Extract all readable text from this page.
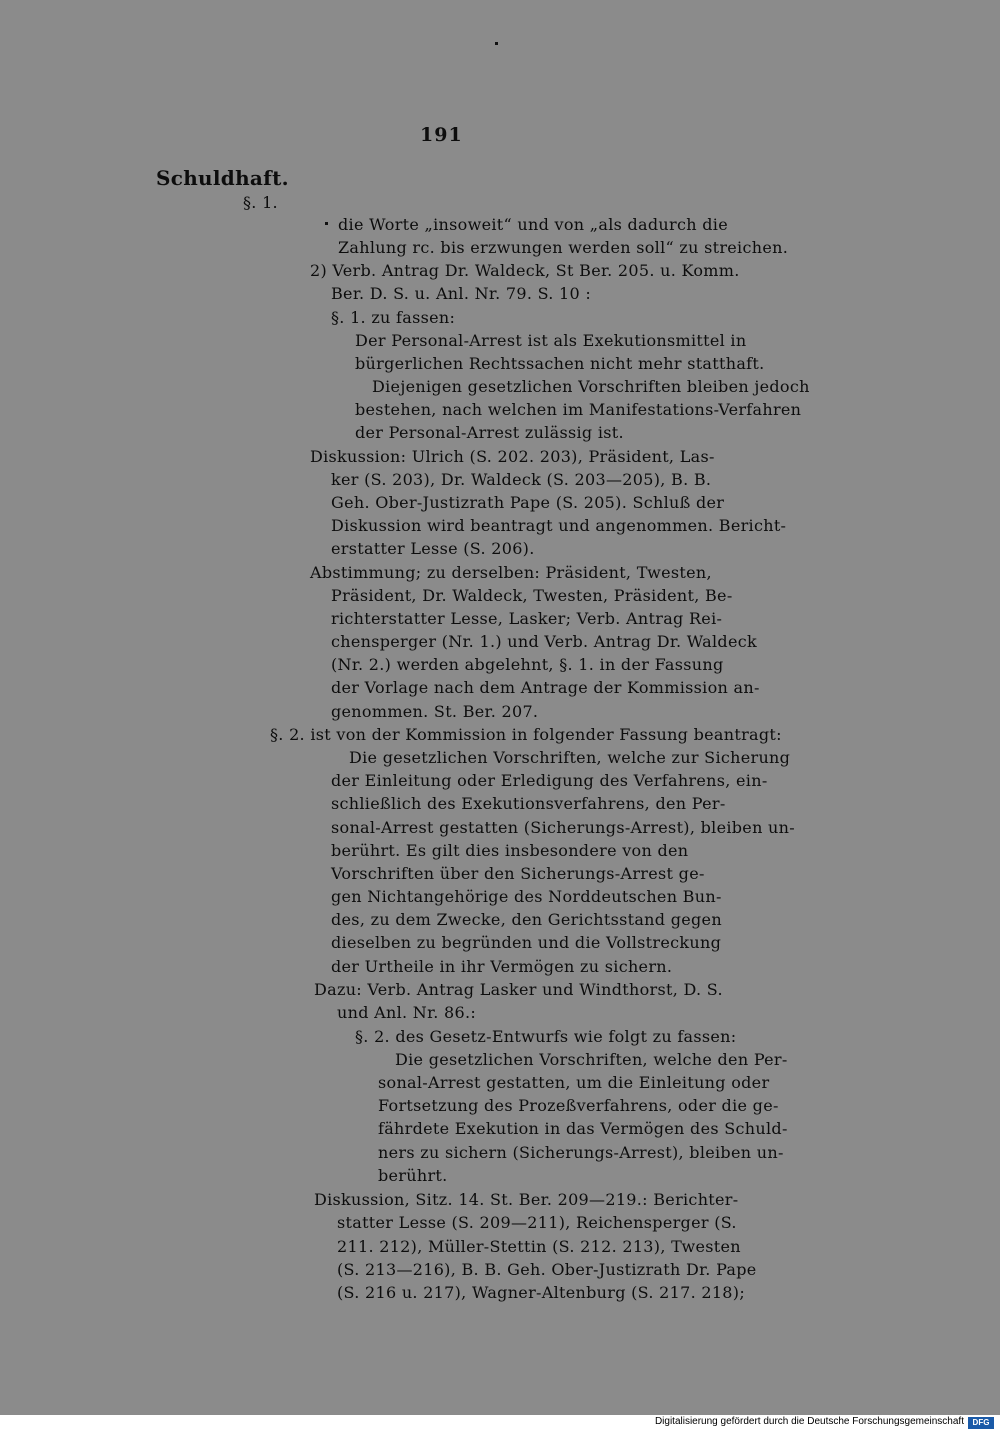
191
Schuldhaft.
§. 1.
die Worte „insoweit“ und von „als dadurch die
Zahlung rc. bis erzwungen werden soll“ zu streichen.
2) Verb. Antrag Dr. Waldeck, St Ber. 205. u. Komm.
Ber. D. S. u. Anl. Nr. 79. S. 10 :
§. 1. zu fassen:
Der Personal-Arrest ist als Exekutionsmittel in
bürgerlichen Rechtssachen nicht mehr statthaft.
Diejenigen gesetzlichen Vorschriften bleiben jedoch
bestehen, nach welchen im Manifestations-Verfahren
der Personal-Arrest zulässig ist.
Diskussion: Ulrich (S. 202. 203), Präsident, Las-
ker (S. 203), Dr. Waldeck (S. 203—205), B. B.
Geh. Ober-Justizrath Pape (S. 205). Schluß der
Diskussion wird beantragt und angenommen. Bericht-
erstatter Lesse (S. 206).
Abstimmung; zu derselben: Präsident, Twesten,
Präsident, Dr. Waldeck, Twesten, Präsident, Be-
richterstatter Lesse, Lasker; Verb. Antrag Rei-
chensperger (Nr. 1.) und Verb. Antrag Dr. Waldeck
(Nr. 2.) werden abgelehnt, §. 1. in der Fassung
der Vorlage nach dem Antrage der Kommission an-
genommen. St. Ber. 207.
§. 2. ist von der Kommission in folgender Fassung beantragt:
Die gesetzlichen Vorschriften, welche zur Sicherung
der Einleitung oder Erledigung des Verfahrens, ein-
schließlich des Exekutionsverfahrens, den Per-
sonal-Arrest gestatten (Sicherungs-Arrest), bleiben un-
berührt. Es gilt dies insbesondere von den
Vorschriften über den Sicherungs-Arrest ge-
gen Nichtangehörige des Norddeutschen Bun-
des, zu dem Zwecke, den Gerichtsstand gegen
dieselben zu begründen und die Vollstreckung
der Urtheile in ihr Vermögen zu sichern.
Dazu: Verb. Antrag Lasker und Windthorst, D. S.
und Anl. Nr. 86.:
§. 2. des Gesetz-Entwurfs wie folgt zu fassen:
Die gesetzlichen Vorschriften, welche den Per-
sonal-Arrest gestatten, um die Einleitung oder
Fortsetzung des Prozeßverfahrens, oder die ge-
fährdete Exekution in das Vermögen des Schuld-
ners zu sichern (Sicherungs-Arrest), bleiben un-
berührt.
Diskussion, Sitz. 14. St. Ber. 209—219.: Berichter-
statter Lesse (S. 209—211), Reichensperger (S.
211. 212), Müller-Stettin (S. 212. 213), Twesten
(S. 213—216), B. B. Geh. Ober-Justizrath Dr. Pape
(S. 216 u. 217), Wagner-Altenburg (S. 217. 218);
Digitalisierung gefördert durch die Deutsche Forschungsgemeinschaft	DFG
